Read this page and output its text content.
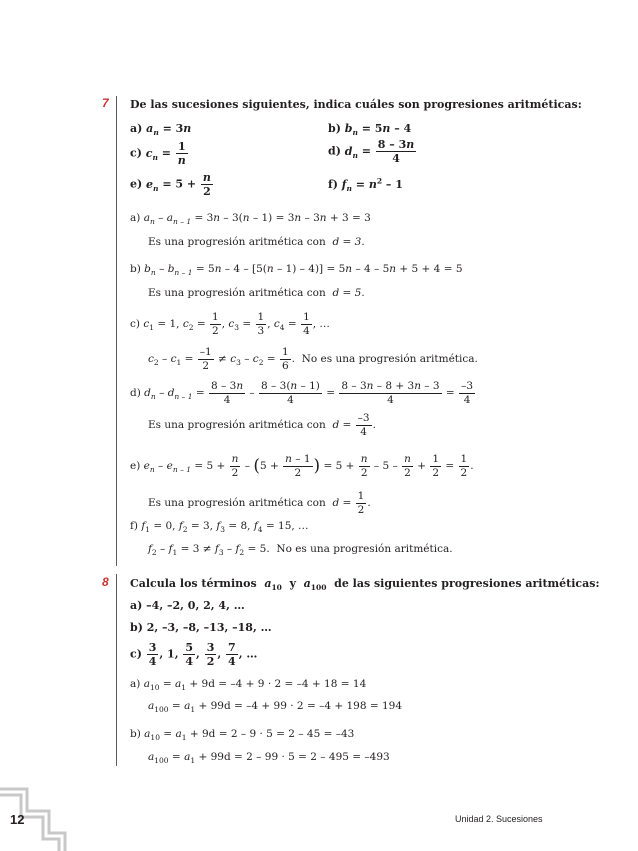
12	Unidad 2. Sucesiones
7
8
De las sucesiones siguientes, indica cuáles son progresiones aritméticas:
a) $a_n = 3n$	b) $b_n = 5n - 4$
c) $c_n = \frac{1}{n}$	d) $d_n = \frac{8 - 3n}{4}$
e) $e_n = 5 + \frac{n}{2}$	f) $f_n = n^2 - 1$
a) $a_n - a_{n - 1} = 3n - 3(n - 1) = 3n - 3n + 3 = 3$
Es una progresión aritmética con d = 3.
b) $b_n - b_{n - 1} = 5n - 4 - [5(n - 1) - 4)] = 5n - 4 - 5n + 5 + 4 = 5$
Es una progresión aritmética con d = 5.
c) $c_1 = 1$, $c_2 = \frac{1}{2}$ , $c_3 = \frac{1}{3}$ , $c_4 = \frac{1}{4}$ , …
$c_2 - c_1 = \frac{-1}{2} \ne c_3 - c_2 = \frac{1}{6}$ .  No es una progresión aritmética.
d) $d_n - d_{n - 1} = \frac{8 - 3n}{4} - \frac{8 - 3(n - 1)}{4} = \frac{8 - 3n - 8 + 3n - 3}{4} = \frac{-3}{4}$
Es una progresión aritmética con $d = \frac{-3}{4}$ .
e) $e_n - e_{n - 1} = 5 + \frac{n}{2} - (5 + \frac{n - 1}{2}$ ) = $5 + \frac{n}{2} - 5 - \frac{n}{2} + \frac{1}{2} = \frac{1}{2}$ .
Es una progresión aritmética con $d = \frac{1}{2}$ .
f) $f_1 = 0$, $f_2 = 3$, $f_3 = 8$, $f_4 = 15$, …
$f_2 - f_1 = 3 \ne f_3 - f_2 = 5$.  No es una progresión aritmética.
Calcula los términos $a_{10}$ y $a_{100}$ de las siguientes progresiones aritméticas:
a) –4, –2, 0, 2, 4, …
b) 2, –3, –8, –13, –18, …
$c) \frac{3}{4}$ , 1, $\frac{5}{4}$ , $\frac{3}{2}$ , $\frac{7}{4}$ , …
a) $a_{10} = a_1 + 9d = -4 + 9 \cdot 2 = -4 + 18 = 14$
$a_{100} = a_1 + 99d = -4 + 99 \cdot 2 = -4 + 198 = 194$
b) $a_{10} = a_1 + 9d = 2 - 9 \cdot 5 = 2 - 45 = -43$
$a_{100} = a_1 + 99d = 2 - 99 \cdot 5 = 2 - 495 = -493$
